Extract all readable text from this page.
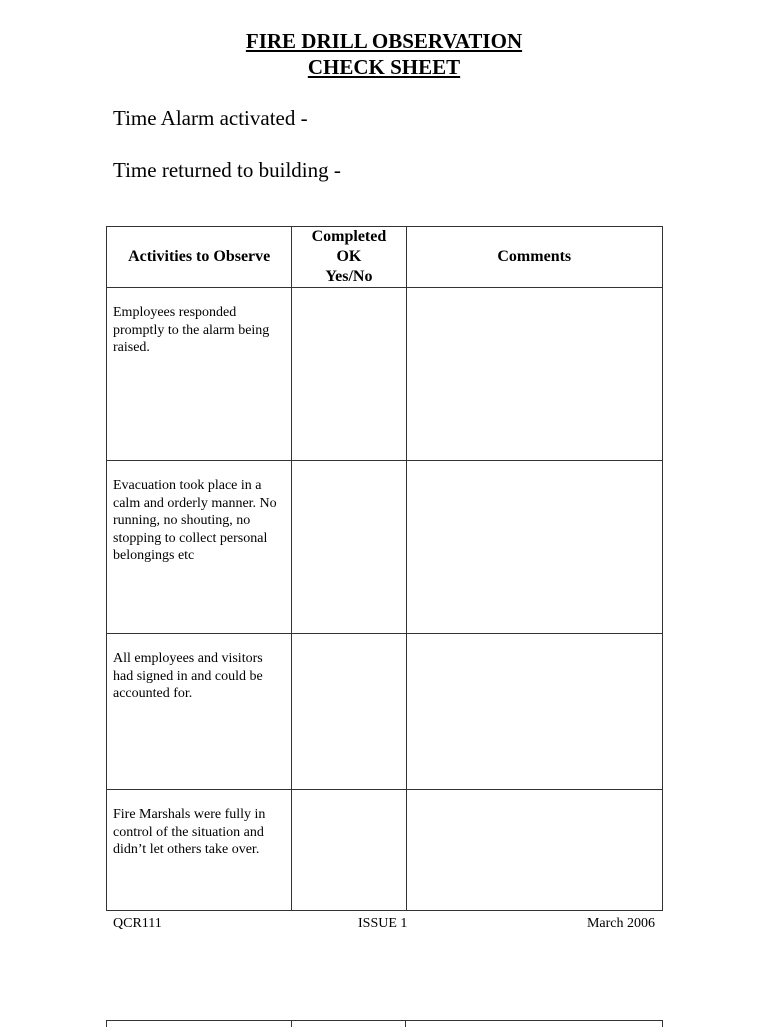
FIRE DRILL OBSERVATION
CHECK SHEET
Time Alarm activated -
Time returned to building -
Activities to Observe	Completed
OK
Yes/No	Comments

Employees responded promptly to the alarm being raised.		

Evacuation took place in a calm and orderly manner. No running, no shouting, no stopping to collect personal belongings etc		

All employees and visitors had signed in and could be accounted for.		

Fire Marshals were fully in control of the situation and didn’t let others take over.		

QCR111	ISSUE 1	March 2006
